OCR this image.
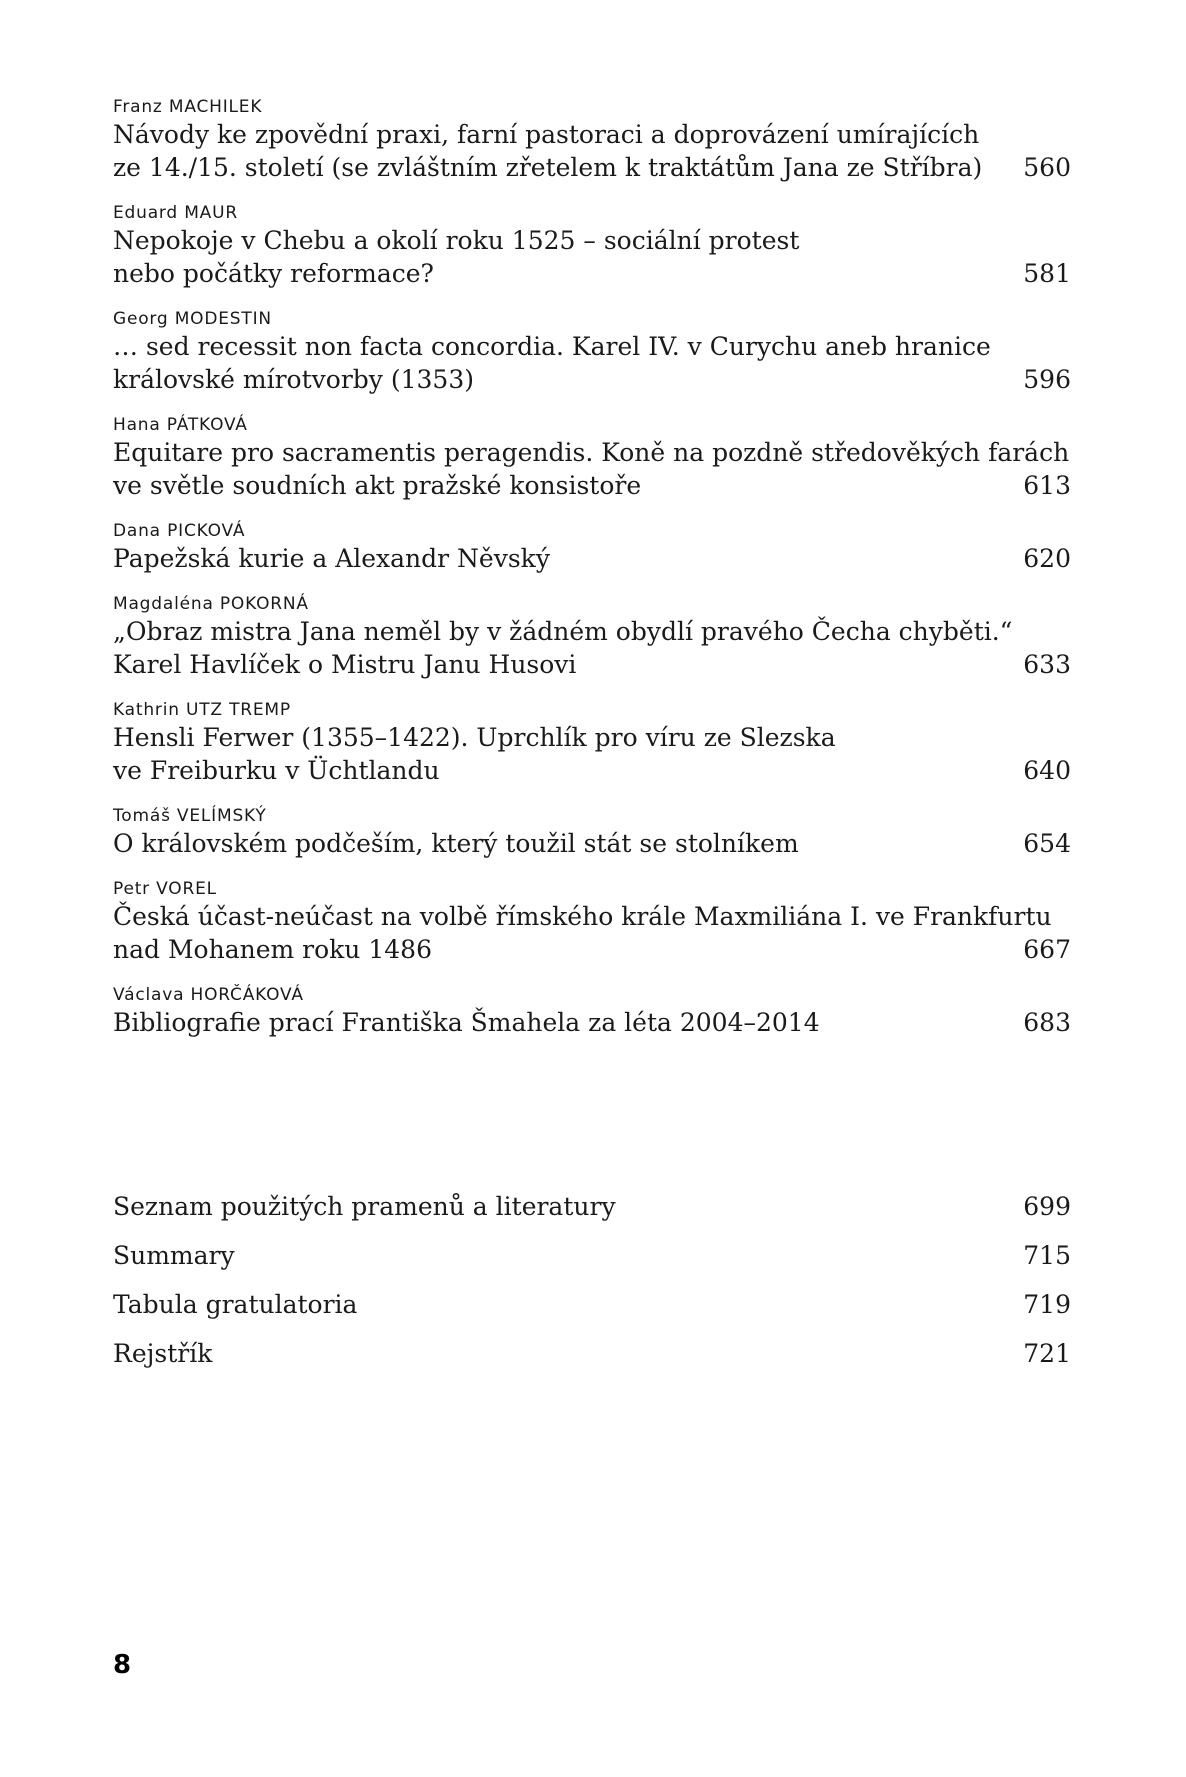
Franz MACHILEK
Návody ke zpovědní praxi, farní pastoraci a doprovázení umírajících
ze 14./15. století (se zvláštním zřetelem k traktátům Jana ze Stříbra)	560
Eduard MAUR
Nepokoje v Chebu a okolí roku 1525 – sociální protest
nebo počátky reformace?	581
Georg MODESTIN
… sed recessit non facta concordia. Karel IV. v Curychu aneb hranice
královské mírotvorby (1353)	596
Hana PÁTKOVÁ
Equitare pro sacramentis peragendis. Koně na pozdně středověkých farách
ve světle soudních akt pražské konsistoře	613
Dana PICKOVÁ
Papežská kurie a Alexandr Něvský	620
Magdaléna POKORNÁ
„Obraz mistra Jana neměl by v žádném obydlí pravého Čecha chyběti.“
Karel Havlíček o Mistru Janu Husovi	633
Kathrin UTZ TREMP
Hensli Ferwer (1355–1422). Uprchlík pro víru ze Slezska
ve Freiburku v Üchtlandu	640
Tomáš VELÍMSKÝ
O královském podčeším, který toužil stát se stolníkem	654
Petr VOREL
Česká účast-neúčast na volbě římského krále Maxmiliána I. ve Frankfurtu
nad Mohanem roku 1486	667
Václava HORČÁKOVÁ
Bibliografie prací Františka Šmahela za léta 2004–2014	683
Seznam použitých pramenů a literatury	699
Summary	715
Tabula gratulatoria	719
Rejstřík	721
8
